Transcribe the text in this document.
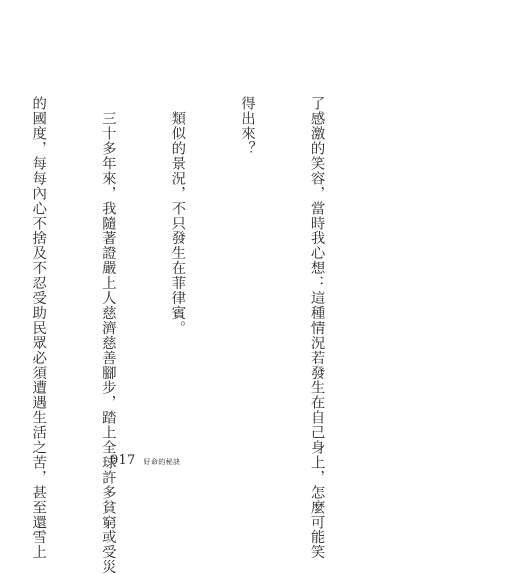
了感激的笑容，當時我心想：這種情況若發生在自己身上，怎麼可能笑

得出來？

　類似的景況，不只發生在菲律賓。

　三十多年來，我隨著證嚴上人慈濟慈善腳步，踏上全球許多貧窮或受災

的國度，每每內心不捨及不忍受助民眾必須遭遇生活之苦，甚至還雪上

	017 好命的秘訣
